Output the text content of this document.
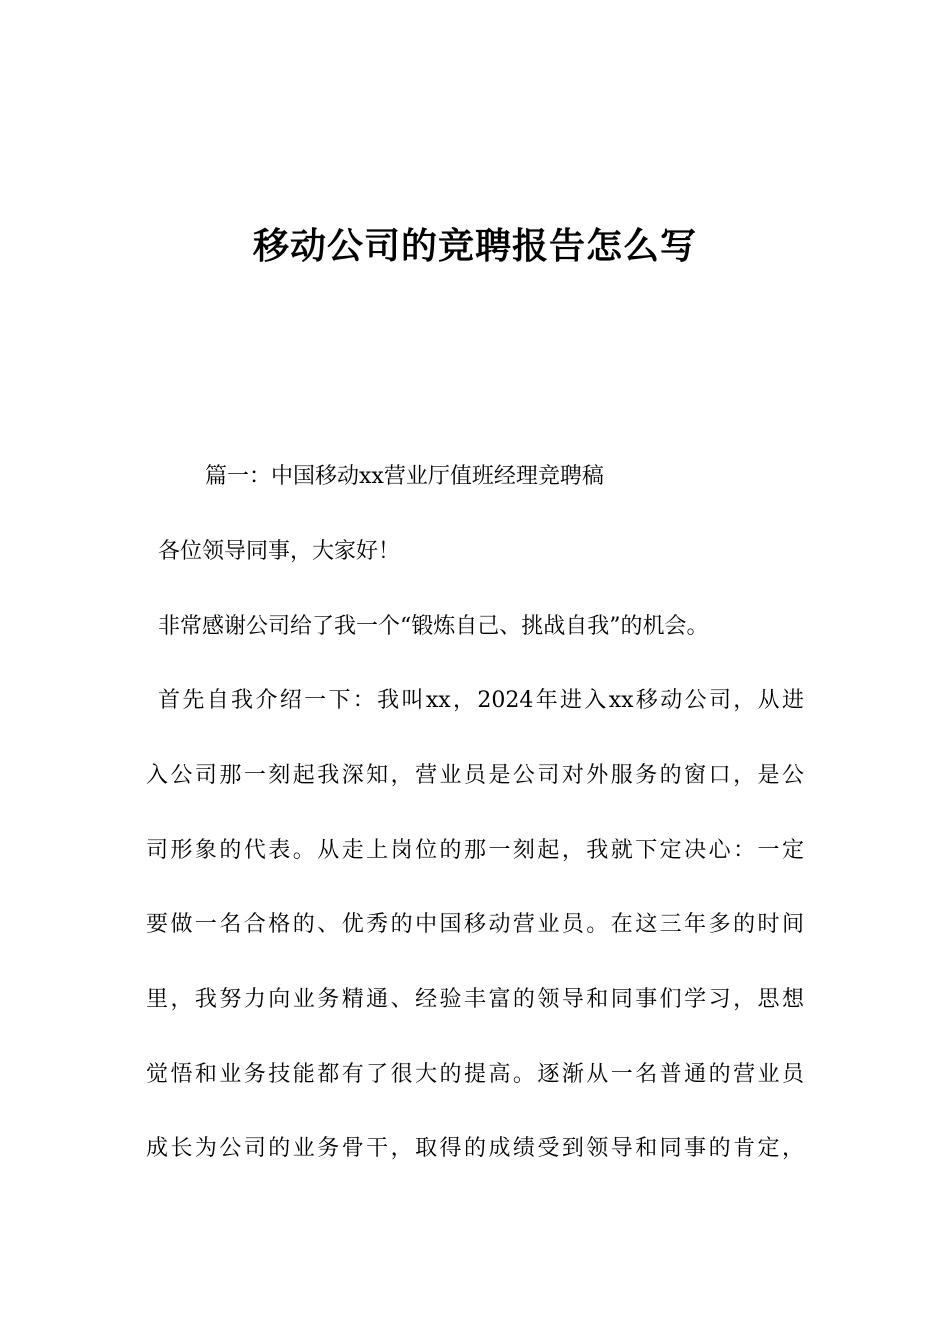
移动公司的竞聘报告怎么写

篇一：中国移动xx营业厅值班经理竞聘稿

各位领导同事，大家好！

非常感谢公司给了我一个“锻炼自己、挑战自我”的机会。

首先自我介绍一下：我叫xx，2024年进入xx移动公司，从进

入公司那一刻起我深知，营业员是公司对外服务的窗口，是公

司形象的代表。从走上岗位的那一刻起，我就下定决心：一定

要做一名合格的、优秀的中国移动营业员。在这三年多的时间

里，我努力向业务精通、经验丰富的领导和同事们学习，思想

觉悟和业务技能都有了很大的提高。逐渐从一名普通的营业员

成长为公司的业务骨干，取得的成绩受到领导和同事的肯定，
